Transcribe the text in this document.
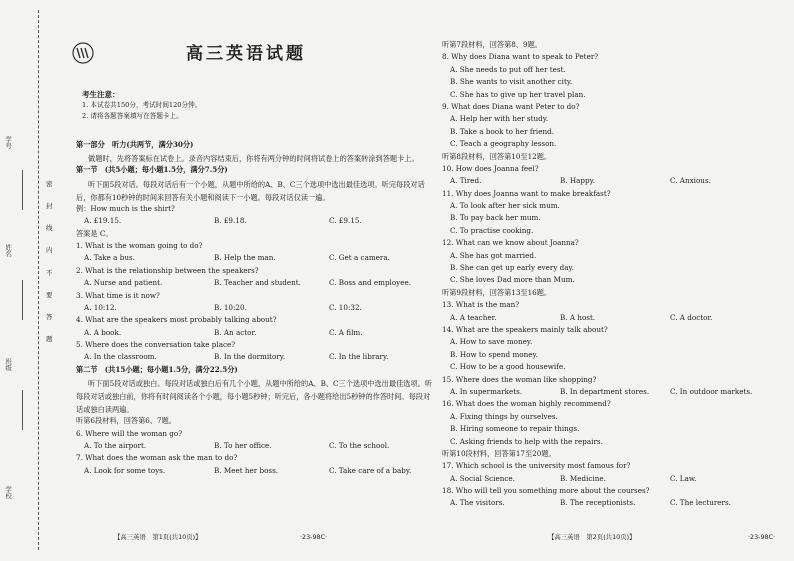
学号
姓名
班级
学校
密
封
线
内
不
要
答
题
高三英语试题
考生注意：
1. 本试卷共150分，考试时间120分钟。
2. 请将各题答案填写在答题卡上。
第一部分　听力(共两节，满分30分)
做题时，先将答案标在试卷上。录音内容结束后，你将有两分钟的时间将试卷上的答案转涂到答题卡上。
第一节　(共5小题；每小题1.5分，满分7.5分)
听下面5段对话。每段对话后有一个小题，从题中所给的A、B、C三个选项中选出最佳选项。听完每段对话后，你都有10秒钟的时间来回答有关小题和阅读下一小题。每段对话仅读一遍。
例：How much is the shirt?
A. £19.15.	B. £9.18.	C. £9.15.
答案是 C。
1. What is the woman going to do?
A. Take a bus.	B. Help the man.	C. Get a camera.
2. What is the relationship between the speakers?
A. Nurse and patient.	B. Teacher and student.	C. Boss and employee.
3. What time is it now?
A. 10:12.	B. 10:20.	C. 10:32.
4. What are the speakers most probably talking about?
A. A book.	B. An actor.	C. A film.
5. Where does the conversation take place?
A. In the classroom.	B. In the dormitory.	C. In the library.
第二节　(共15小题；每小题1.5分，满分22.5分)
听下面5段对话或独白。每段对话或独白后有几个小题，从题中所给的A、B、C三个选项中选出最佳选项。听每段对话或独白前，你将有时间阅读各个小题，每小题5秒钟；听完后，各小题将给出5秒钟的作答时间。每段对话或独白读两遍。
听第6段材料，回答第6、7题。
6. Where will the woman go?
A. To the airport.	B. To her office.	C. To the school.
7. What does the woman ask the man to do?
A. Look for some toys.	B. Meet her boss.	C. Take care of a baby.
【高三英语　第1页(共10页)】	·23-98C·
听第7段材料，回答第8、9题。
8. Why does Diana want to speak to Peter?
A. She needs to put off her test.
B. She wants to visit another city.
C. She has to give up her travel plan.
9. What does Diana want Peter to do?
A. Help her with her study.
B. Take a book to her friend.
C. Teach a geography lesson.
听第8段材料，回答第10至12题。
10. How does Joanna feel?
A. Tired.	B. Happy.	C. Anxious.
11. Why does Joanna want to make breakfast?
A. To look after her sick mum.
B. To pay back her mum.
C. To practise cooking.
12. What can we know about Joanna?
A. She has got married.
B. She can get up early every day.
C. She loves Dad more than Mum.
听第9段材料，回答第13至16题。
13. What is the man?
A. A teacher.	B. A host.	C. A doctor.
14. What are the speakers mainly talk about?
A. How to save money.
B. How to spend money.
C. How to be a good housewife.
15. Where does the woman like shopping?
A. In supermarkets.	B. In department stores.	C. In outdoor markets.
16. What does the woman highly recommend?
A. Fixing things by ourselves.
B. Hiring someone to repair things.
C. Asking friends to help with the repairs.
听第10段材料，回答第17至20题。
17. Which school is the university most famous for?
A. Social Science.	B. Medicine.	C. Law.
18. Who will tell you something more about the courses?
A. The visitors.	B. The receptionists.	C. The lecturers.
【高三英语　第2页(共10页)】	·23-98C·
